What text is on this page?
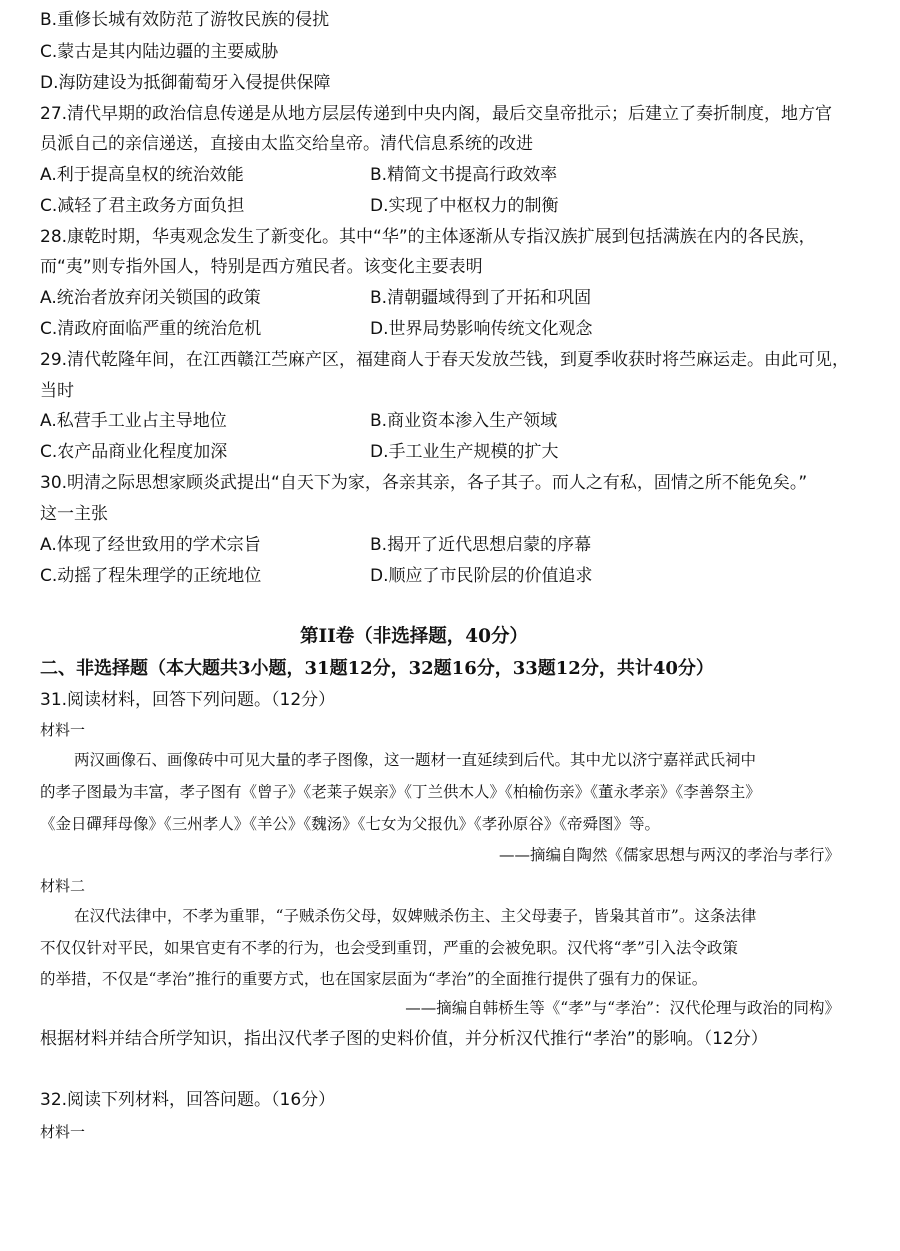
B.重修长城有效防范了游牧民族的侵扰
C.蒙古是其内陆边疆的主要威胁
D.海防建设为抵御葡萄牙入侵提供保障
27.清代早期的政治信息传递是从地方层层传递到中央内阁，最后交皇帝批示；后建立了奏折制度，地方官
员派自己的亲信递送，直接由太监交给皇帝。清代信息系统的改进
A.利于提高皇权的统治效能	B.精简文书提高行政效率
C.减轻了君主政务方面负担	D.实现了中枢权力的制衡
28.康乾时期，华夷观念发生了新变化。其中“华”的主体逐渐从专指汉族扩展到包括满族在内的各民族，
而“夷”则专指外国人，特别是西方殖民者。该变化主要表明
A.统治者放弃闭关锁国的政策	B.清朝疆域得到了开拓和巩固
C.清政府面临严重的统治危机	D.世界局势影响传统文化观念
29.清代乾隆年间，在江西赣江苎麻产区，福建商人于春天发放苎钱，到夏季收获时将苎麻运走。由此可见，
当时
A.私营手工业占主导地位	B.商业资本渗入生产领域
C.农产品商业化程度加深	D.手工业生产规模的扩大
30.明清之际思想家顾炎武提出“自天下为家，各亲其亲，各子其子。而人之有私，固情之所不能免矣。”
这一主张
A.体现了经世致用的学术宗旨	B.揭开了近代思想启蒙的序幕
C.动摇了程朱理学的正统地位	D.顺应了市民阶层的价值追求
第II卷（非选择题，40分）
二、非选择题（本大题共3小题，31题12分，32题16分，33题12分，共计40分）
31.阅读材料，回答下列问题。（12分）
材料一
两汉画像石、画像砖中可见大量的孝子图像，这一题材一直延续到后代。其中尤以济宁嘉祥武氏祠中
的孝子图最为丰富，孝子图有《曾子》《老莱子娱亲》《丁兰供木人》《柏榆伤亲》《董永孝亲》《李善祭主》
《金日磾拜母像》《三州孝人》《羊公》《魏汤》《七女为父报仇》《孝孙原谷》《帝舜图》等。
——摘编自陶然《儒家思想与两汉的孝治与孝行》
材料二
在汉代法律中，不孝为重罪，“子贼杀伤父母，奴婢贼杀伤主、主父母妻子，皆枭其首市”。这条法律
不仅仅针对平民，如果官吏有不孝的行为，也会受到重罚，严重的会被免职。汉代将“孝”引入法令政策
的举措，不仅是“孝治”推行的重要方式，也在国家层面为“孝治”的全面推行提供了强有力的保证。
——摘编自韩桥生等《“孝”与“孝治”：汉代伦理与政治的同构》
根据材料并结合所学知识，指出汉代孝子图的史料价值，并分析汉代推行“孝治”的影响。（12分）
32.阅读下列材料，回答问题。（16分）
材料一
